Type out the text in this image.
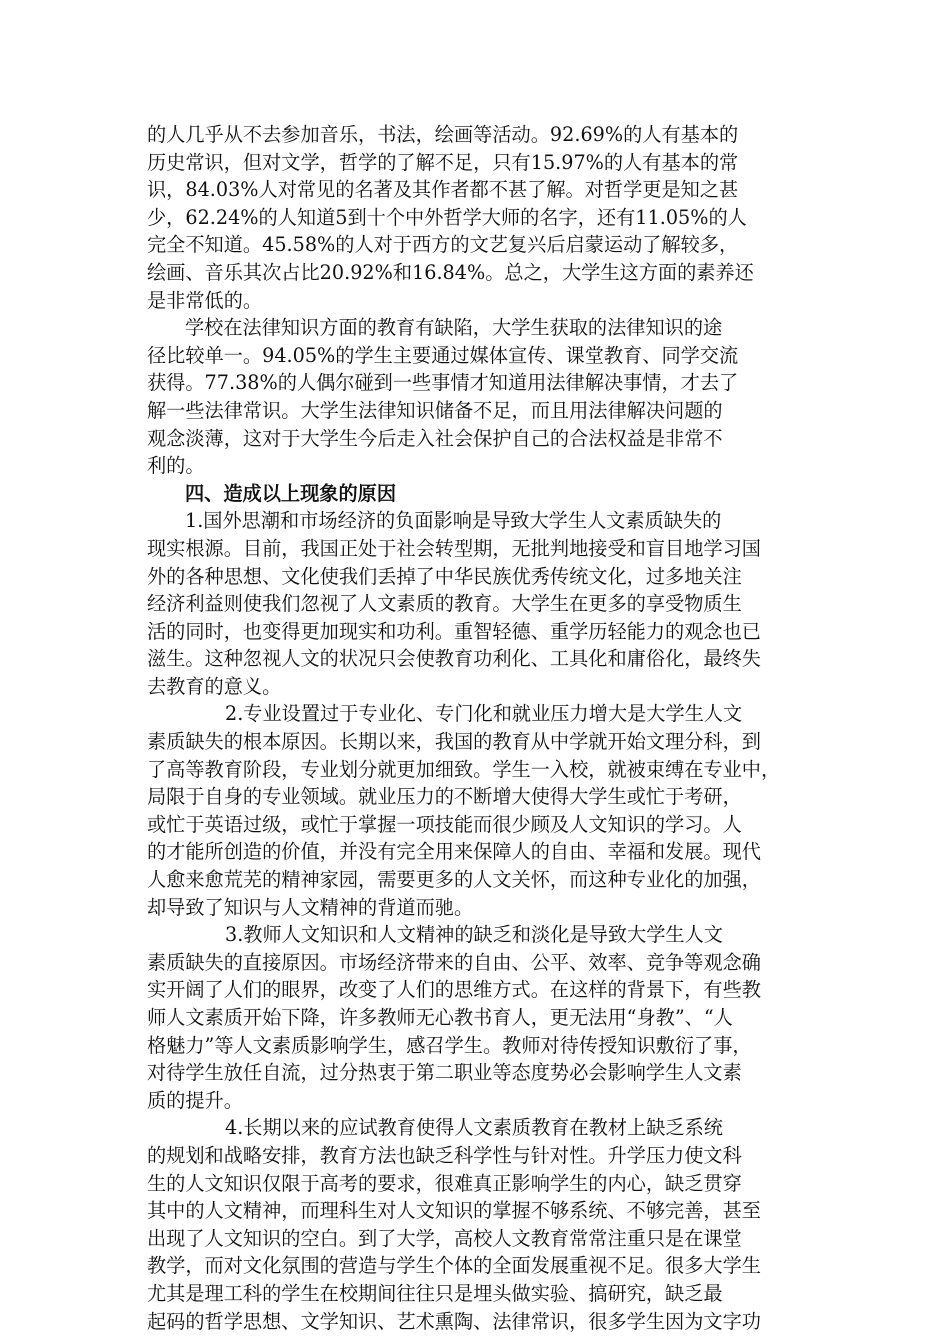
的人几乎从不去参加音乐，书法，绘画等活动。92.69%的人有基本的
历史常识，但对文学，哲学的了解不足，只有15.97%的人有基本的常
识，84.03%人对常见的名著及其作者都不甚了解。对哲学更是知之甚
少，62.24%的人知道5到十个中外哲学大师的名字，还有11.05%的人
完全不知道。45.58%的人对于西方的文艺复兴后启蒙运动了解较多，
绘画、音乐其次占比20.92%和16.84%。总之，大学生这方面的素养还
是非常低的。
学校在法律知识方面的教育有缺陷，大学生获取的法律知识的途
径比较单一。94.05%的学生主要通过媒体宣传、课堂教育、同学交流
获得。77.38%的人偶尔碰到一些事情才知道用法律解决事情，才去了
解一些法律常识。大学生法律知识储备不足，而且用法律解决问题的
观念淡薄，这对于大学生今后走入社会保护自己的合法权益是非常不
利的。
四、造成以上现象的原因
1.国外思潮和市场经济的负面影响是导致大学生人文素质缺失的
现实根源。目前，我国正处于社会转型期，无批判地接受和盲目地学习国
外的各种思想、文化使我们丢掉了中华民族优秀传统文化，过多地关注
经济利益则使我们忽视了人文素质的教育。大学生在更多的享受物质生
活的同时，也变得更加现实和功利。重智轻德、重学历轻能力的观念也已
滋生。这种忽视人文的状况只会使教育功利化、工具化和庸俗化，最终失
去教育的意义。
2.专业设置过于专业化、专门化和就业压力增大是大学生人文
素质缺失的根本原因。长期以来，我国的教育从中学就开始文理分科，到
了高等教育阶段，专业划分就更加细致。学生一入校，就被束缚在专业中，
局限于自身的专业领域。就业压力的不断增大使得大学生或忙于考研，
或忙于英语过级，或忙于掌握一项技能而很少顾及人文知识的学习。人
的才能所创造的价值，并没有完全用来保障人的自由、幸福和发展。现代
人愈来愈荒芜的精神家园，需要更多的人文关怀，而这种专业化的加强，
却导致了知识与人文精神的背道而驰。
3.教师人文知识和人文精神的缺乏和淡化是导致大学生人文
素质缺失的直接原因。市场经济带来的自由、公平、效率、竞争等观念确
实开阔了人们的眼界，改变了人们的思维方式。在这样的背景下，有些教
师人文素质开始下降，许多教师无心教书育人，更无法用“身教”、“人
格魅力”等人文素质影响学生，感召学生。教师对待传授知识敷衍了事，
对待学生放任自流，过分热衷于第二职业等态度势必会影响学生人文素
质的提升。
4.长期以来的应试教育使得人文素质教育在教材上缺乏系统
的规划和战略安排，教育方法也缺乏科学性与针对性。升学压力使文科
生的人文知识仅限于高考的要求，很难真正影响学生的内心，缺乏贯穿
其中的人文精神，而理科生对人文知识的掌握不够系统、不够完善，甚至
出现了人文知识的空白。到了大学，高校人文教育常常注重只是在课堂
教学，而对文化氛围的营造与学生个体的全面发展重视不足。很多大学生
尤其是理工科的学生在校期间往往只是埋头做实验、搞研究，缺乏最
起码的哲学思想、文学知识、艺术熏陶、法律常识，很多学生因为文字功
